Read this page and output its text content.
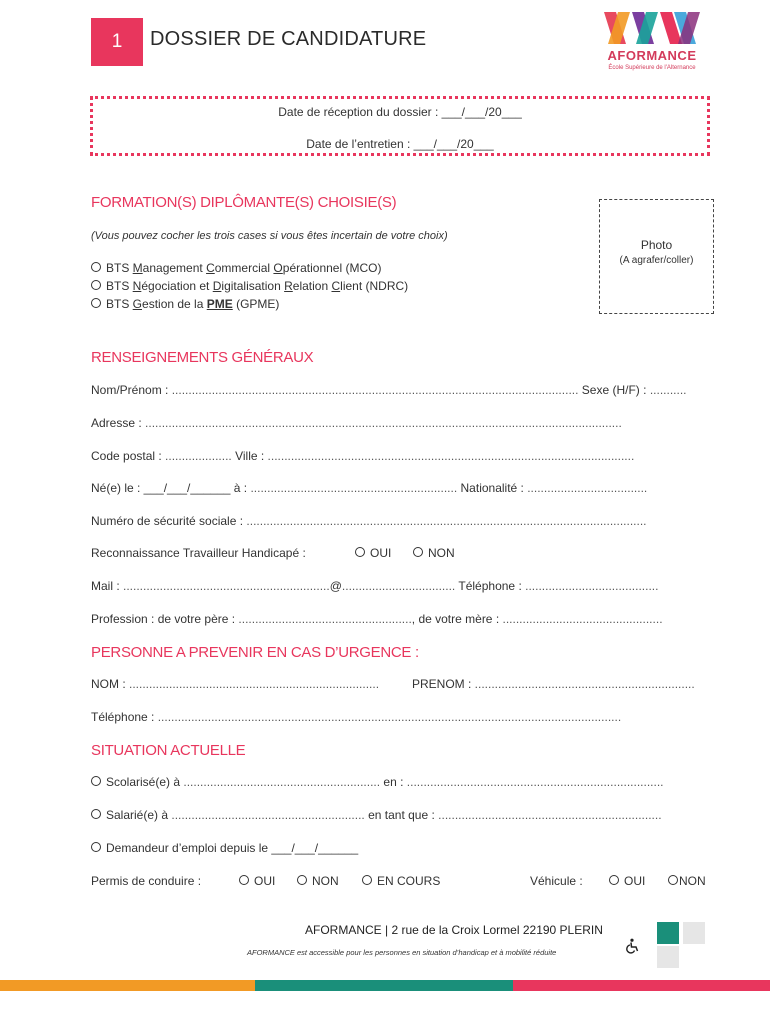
1	DOSSIER DE CANDIDATURE
AFORMANCE
École Supérieure de l'Alternance
Date de réception du dossier : ___/___/20___
Date de l’entretien : ___/___/20___
FORMATION(S) DIPLÔMANTE(S) CHOISIE(S)
(Vous pouvez cocher les trois cases si vous êtes incertain de votre choix)
BTS Management Commercial Opérationnel (MCO)
BTS Négociation et Digitalisation Relation Client (NDRC)
BTS Gestion de la PME (GPME)
Photo
(A agrafer/coller)
RENSEIGNEMENTS GÉNÉRAUX
Nom/Prénom : .......................................................................................................................... Sexe (H/F) : ...........
Adresse : ...............................................................................................................................................
Code postal : .................... Ville : ..............................................................................................................
Né(e) le : ___/___/______ à : .............................................................. Nationalité : ....................................
Numéro de sécurité sociale : ........................................................................................................................
Reconnaissance Travailleur Handicapé :	OUI	NON
Mail : ..............................................................@.................................. Téléphone : ........................................
Profession : de votre père : ...................................................., de votre mère : ................................................
PERSONNE A PREVENIR EN CAS D’URGENCE :
NOM : ...........................................................................	PRENOM : ..................................................................
Téléphone : ...........................................................................................................................................
SITUATION ACTUELLE
Scolarisé(e) à ........................................................... en : .............................................................................
Salarié(e) à .......................................................... en tant que : ...................................................................
Demandeur d’emploi depuis le ___/___/______
Permis de conduire :	OUI	NON	EN COURS	Véhicule :	OUI	NON
AFORMANCE | 2 rue de la Croix Lormel 22190 PLERIN
AFORMANCE est accessible pour les personnes en situation d’handicap et à mobilité réduite
